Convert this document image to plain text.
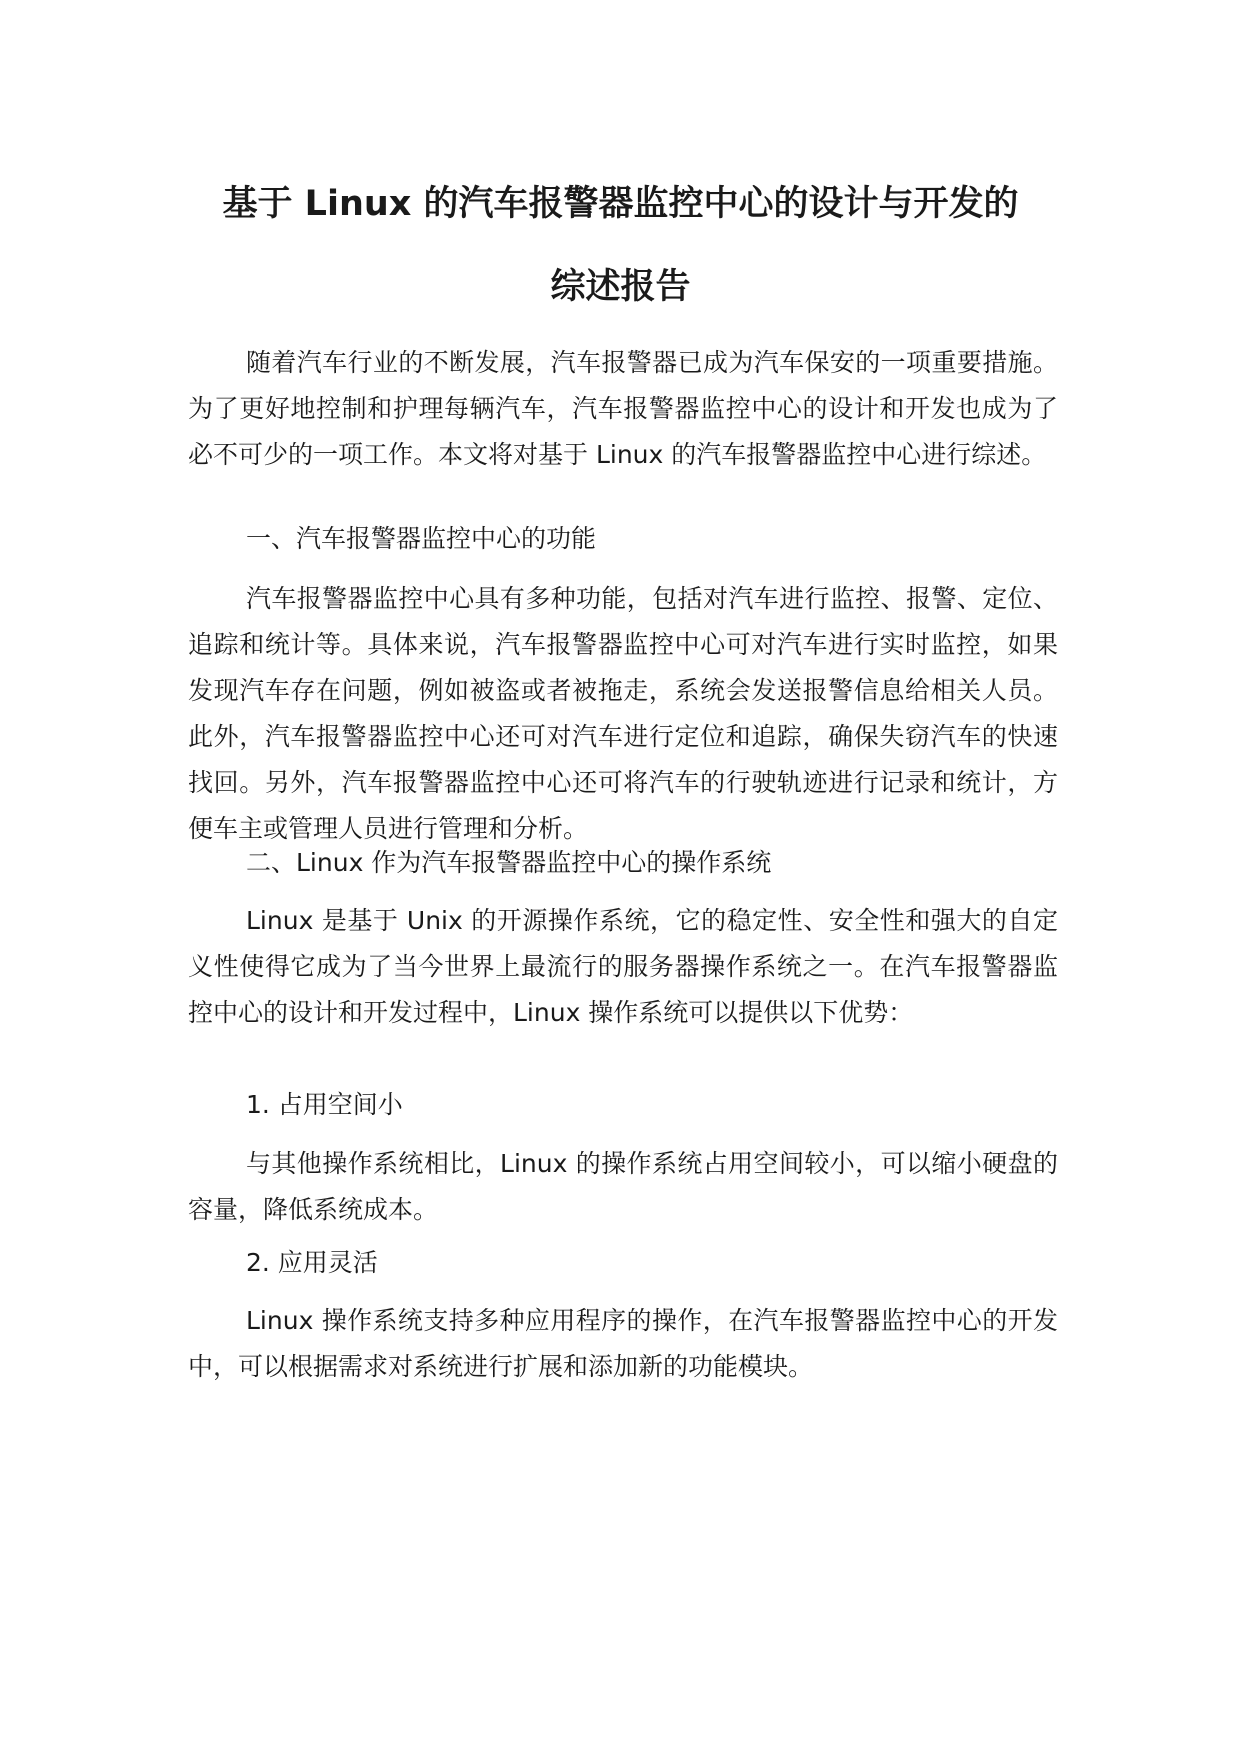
基于 Linux 的汽车报警器监控中心的设计与开发的
综述报告

随着汽车行业的不断发展，汽车报警器已成为汽车保安的一项重要措施。为了更好地控制和护理每辆汽车，汽车报警器监控中心的设计和开发也成为了必不可少的一项工作。本文将对基于 Linux 的汽车报警器监控中心进行综述。

一、汽车报警器监控中心的功能

汽车报警器监控中心具有多种功能，包括对汽车进行监控、报警、定位、追踪和统计等。具体来说，汽车报警器监控中心可对汽车进行实时监控，如果发现汽车存在问题，例如被盗或者被拖走，系统会发送报警信息给相关人员。此外，汽车报警器监控中心还可对汽车进行定位和追踪，确保失窃汽车的快速找回。另外，汽车报警器监控中心还可将汽车的行驶轨迹进行记录和统计，方便车主或管理人员进行管理和分析。

二、Linux 作为汽车报警器监控中心的操作系统

Linux 是基于 Unix 的开源操作系统，它的稳定性、安全性和强大的自定义性使得它成为了当今世界上最流行的服务器操作系统之一。在汽车报警器监控中心的设计和开发过程中，Linux 操作系统可以提供以下优势：

1. 占用空间小

与其他操作系统相比，Linux 的操作系统占用空间较小，可以缩小硬盘的容量，降低系统成本。

2. 应用灵活

Linux 操作系统支持多种应用程序的操作，在汽车报警器监控中心的开发中，可以根据需求对系统进行扩展和添加新的功能模块。
